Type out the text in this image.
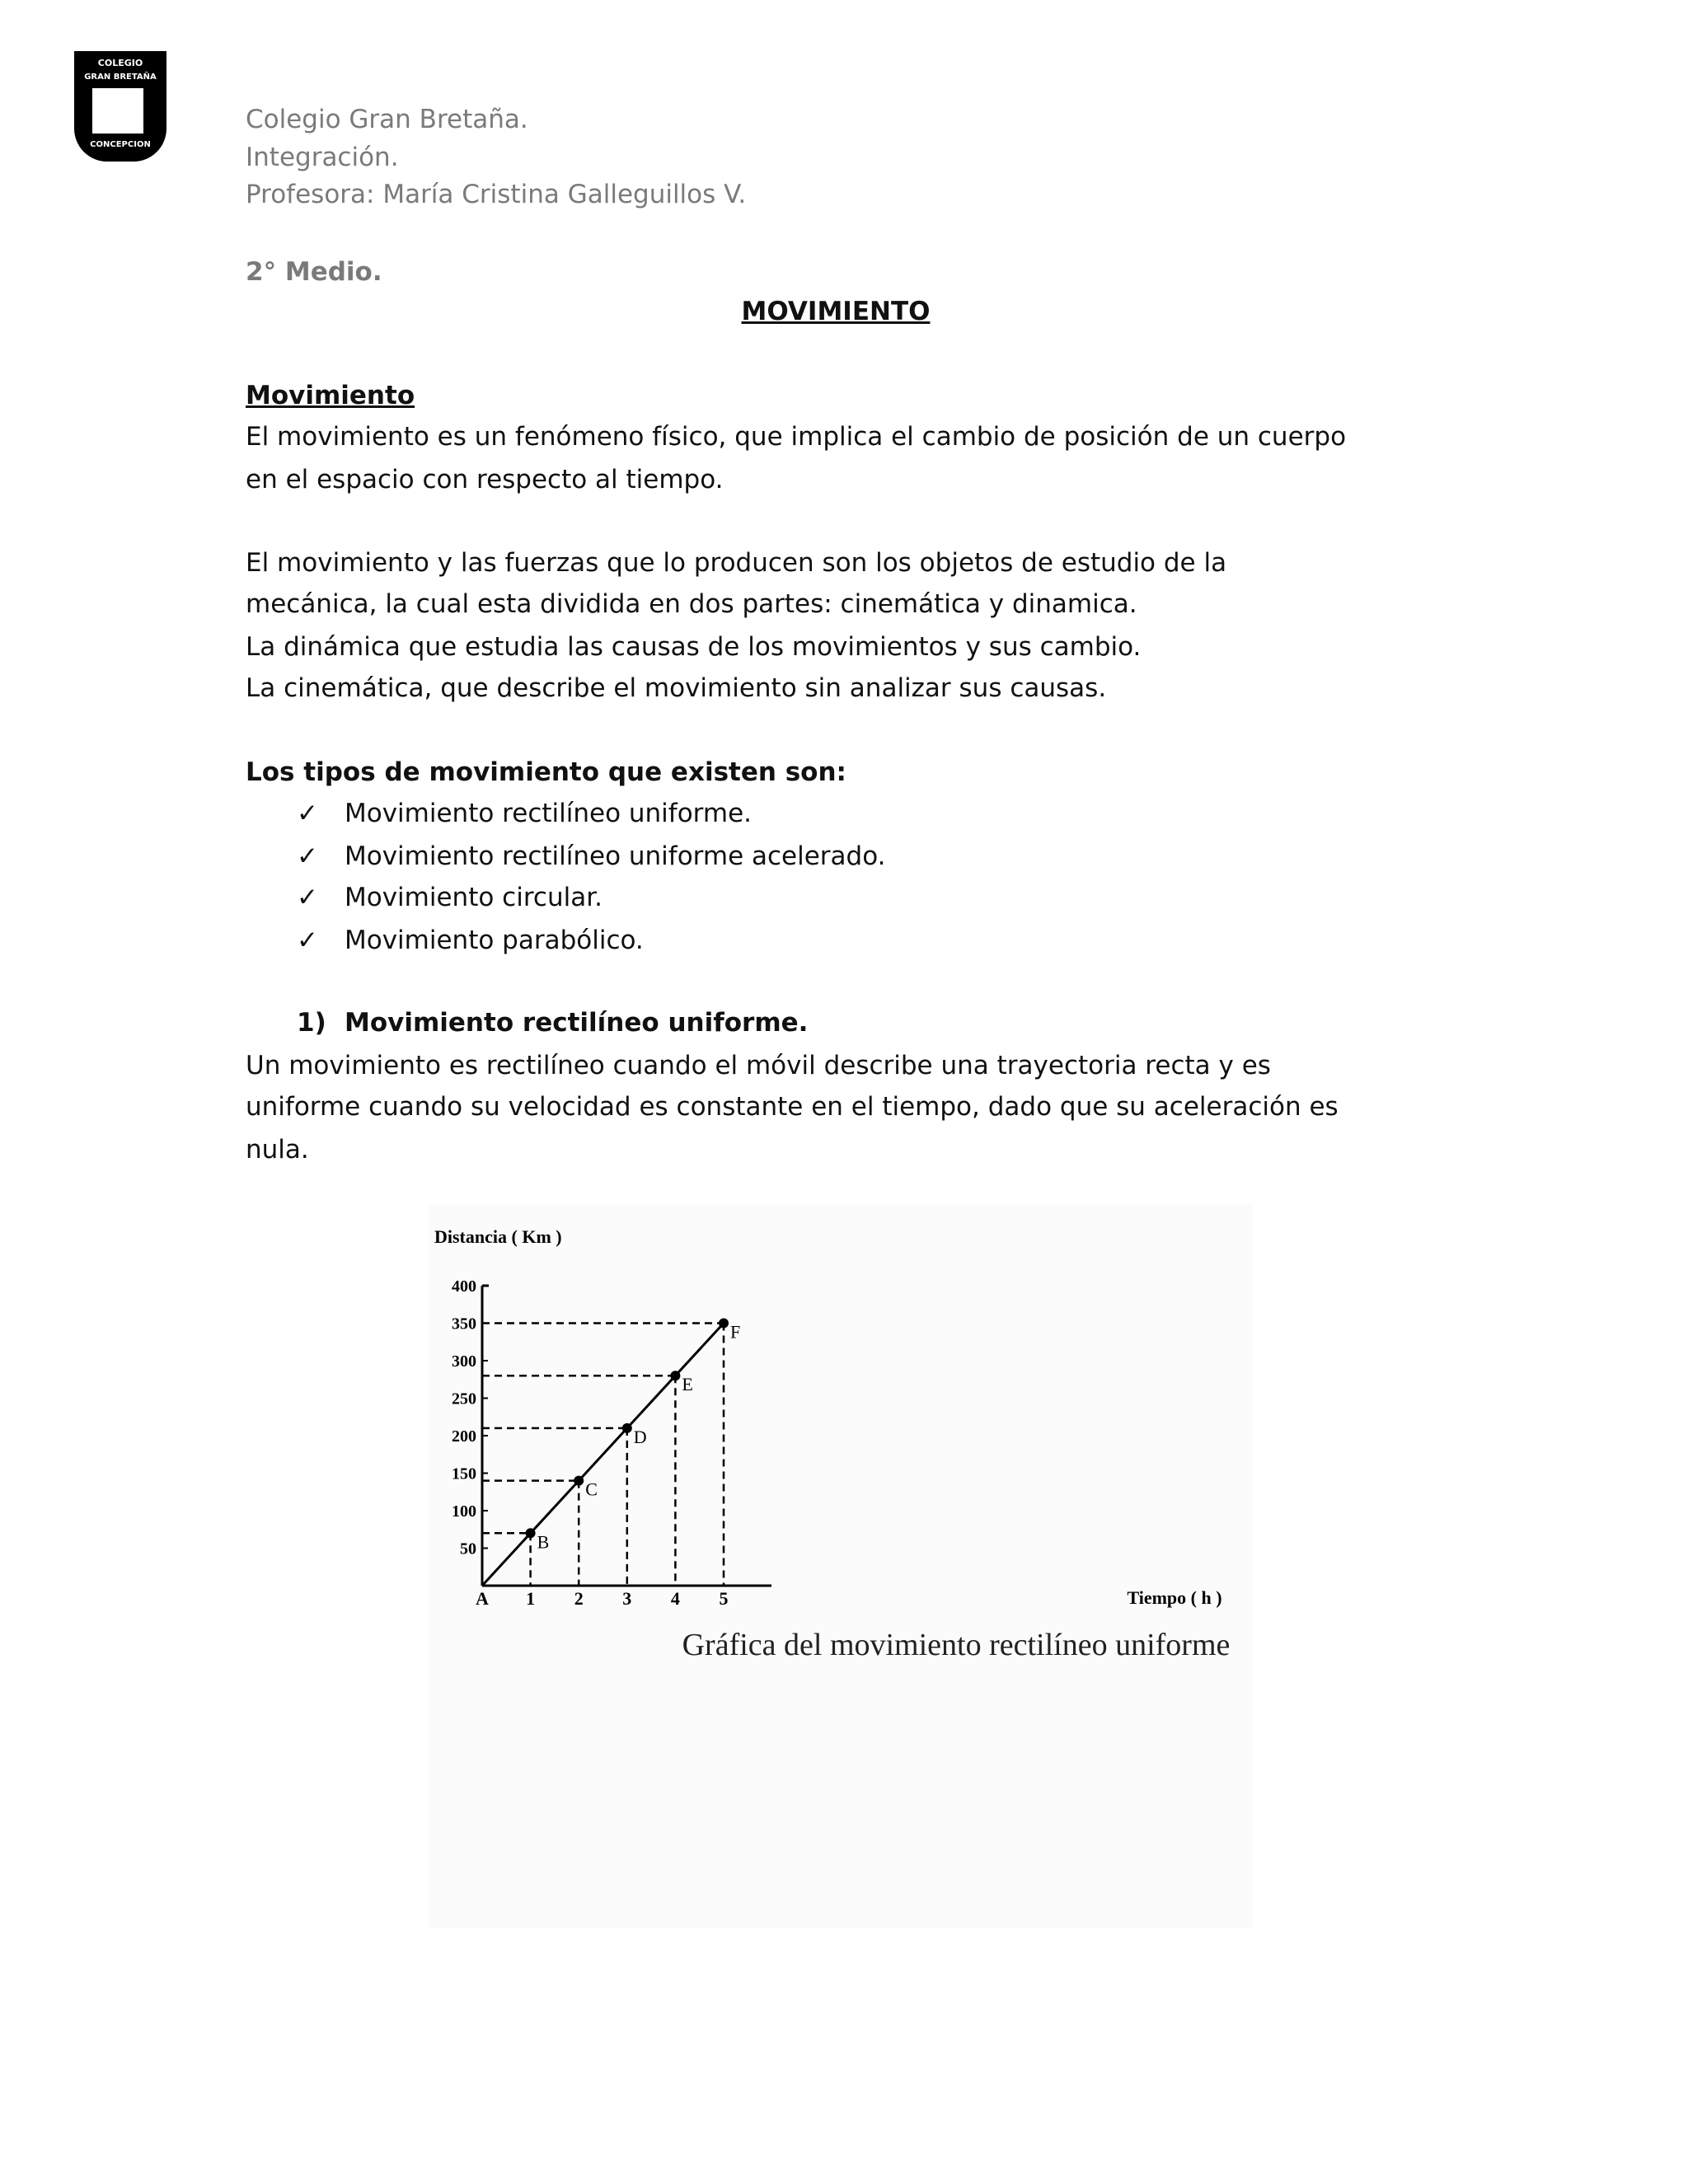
COLEGIO
GRAN BRETAÑA
CONCEPCION
Colegio Gran Bretaña.
Integración.
Profesora: María Cristina Galleguillos V.
2° Medio.
MOVIMIENTO
Movimiento
El movimiento es un fenómeno físico, que implica el cambio de posición de un cuerpo
en el espacio con respecto al tiempo.
El movimiento y las fuerzas que lo producen son los objetos de estudio de la
mecánica, la cual esta dividida en dos partes: cinemática y dinamica.
La dinámica que estudia las causas de los movimientos y sus cambio.
La cinemática, que describe el movimiento sin analizar sus causas.
Los tipos de movimiento que existen son:
✓ Movimiento rectilíneo uniforme.
✓ Movimiento rectilíneo uniforme acelerado.
✓ Movimiento circular.
✓ Movimiento parabólico.
1) Movimiento rectilíneo uniforme.
Un movimiento es rectilíneo cuando el móvil describe una trayectoria recta y es
uniforme cuando su velocidad es constante en el tiempo, dado que su aceleración es
nula.
Distancia ( Km )
Tiempo ( h )
Gráfica del movimiento rectilíneo uniforme
50
100
150
200
250
300
350
400
A 1 2 3 4 5
B
C
D
E
F
